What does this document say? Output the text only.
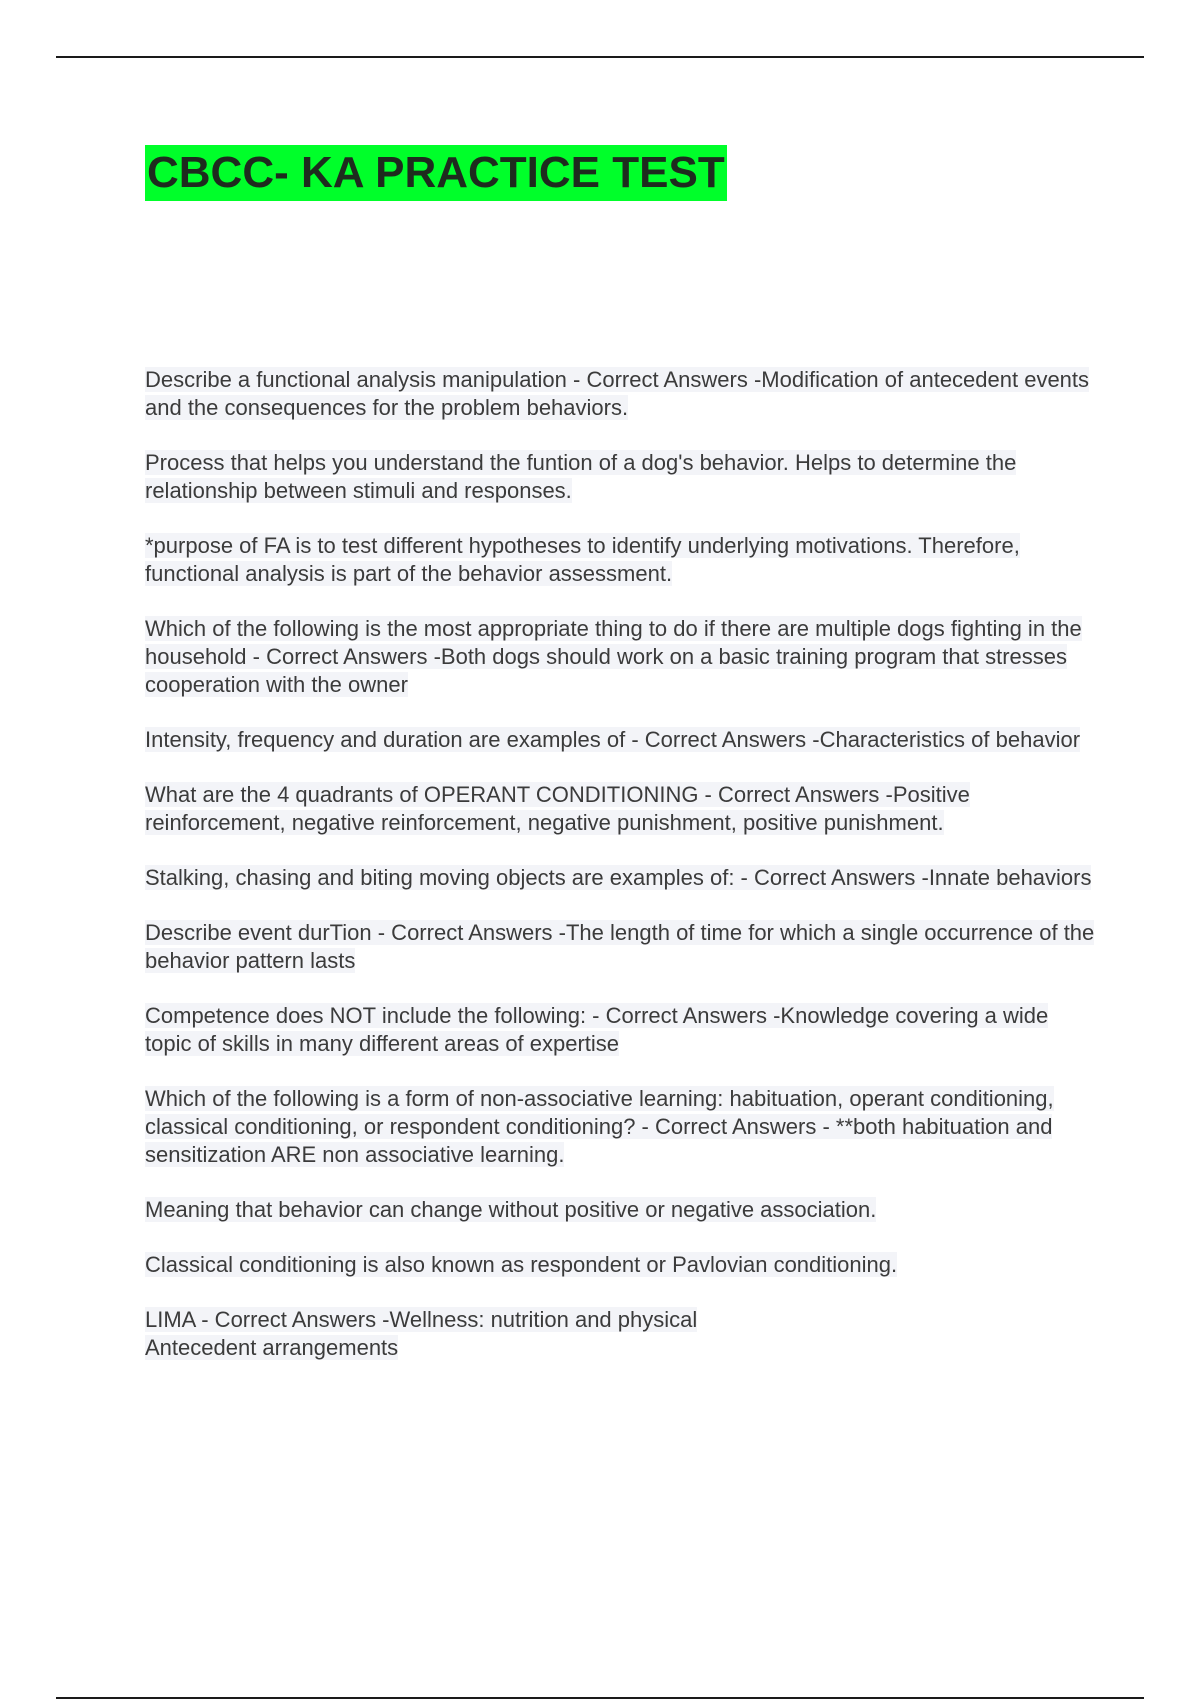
CBCC- KA PRACTICE TEST

Describe a functional analysis manipulation - Correct Answers -Modification of antecedent events and the consequences for the problem behaviors.

Process that helps you understand the funtion of a dog's behavior. Helps to determine the relationship between stimuli and responses.

*purpose of FA is to test different hypotheses to identify underlying motivations. Therefore, functional analysis is part of the behavior assessment.

Which of the following is the most appropriate thing to do if there are multiple dogs fighting in the household - Correct Answers -Both dogs should work on a basic training program that stresses cooperation with the owner

Intensity, frequency and duration are examples of - Correct Answers -Characteristics of behavior

What are the 4 quadrants of OPERANT CONDITIONING - Correct Answers -Positive reinforcement, negative reinforcement, negative punishment, positive punishment.

Stalking, chasing and biting moving objects are examples of: - Correct Answers -Innate behaviors

Describe event durTion - Correct Answers -The length of time for which a single occurrence of the behavior pattern lasts

Competence does NOT include the following: - Correct Answers -Knowledge covering a wide topic of skills in many different areas of expertise

Which of the following is a form of non-associative learning: habituation, operant conditioning, classical conditioning, or respondent conditioning? - Correct Answers - **both habituation and sensitization ARE non associative learning.

Meaning that behavior can change without positive or negative association.

Classical conditioning is also known as respondent or Pavlovian conditioning.

LIMA - Correct Answers -Wellness: nutrition and physical
Antecedent arrangements
